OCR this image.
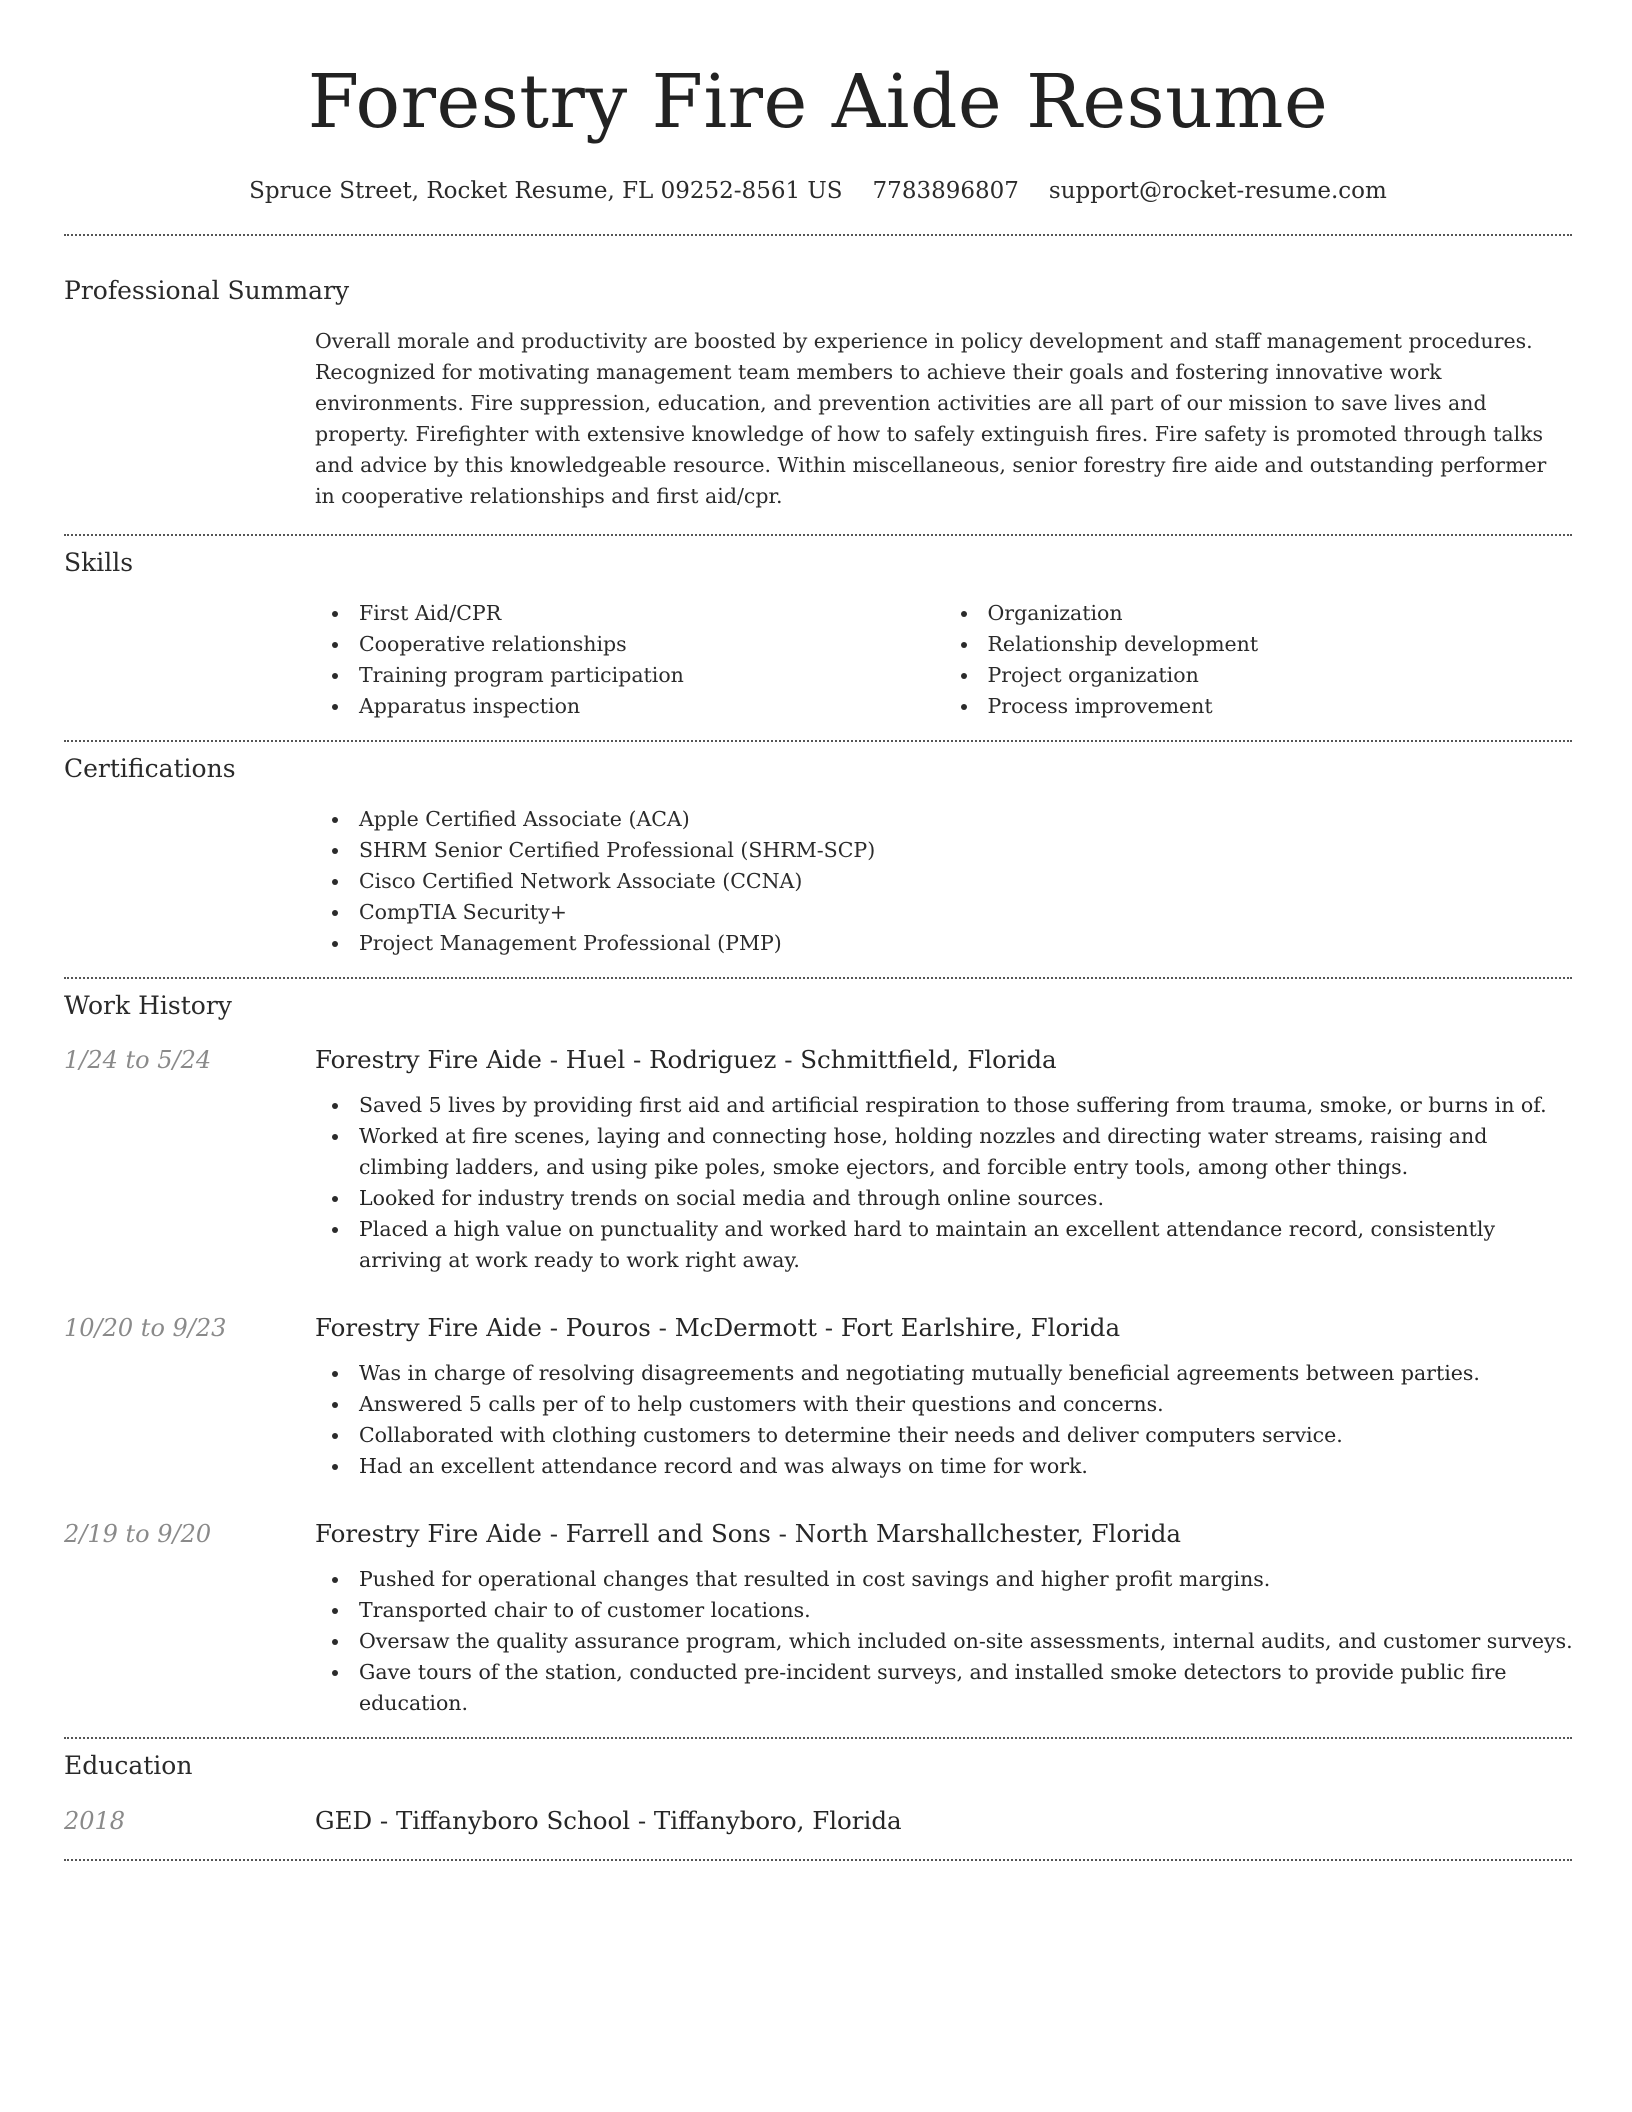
Forestry Fire Aide Resume
Spruce Street, Rocket Resume, FL 09252-8561 US 7783896807 support@rocket-resume.com
Professional Summary

Overall morale and productivity are boosted by experience in policy development and staff management procedures. Recognized for motivating management team members to achieve their goals and fostering innovative work environments. Fire suppression, education, and prevention activities are all part of our mission to save lives and property. Firefighter with extensive knowledge of how to safely extinguish fires. Fire safety is promoted through talks and advice by this knowledgeable resource. Within miscellaneous, senior forestry fire aide and outstanding performer in cooperative relationships and first aid/cpr.

Skills
First Aid/CPR
Cooperative relationships
Training program participation
Apparatus inspection
Organization
Relationship development
Project organization
Process improvement
Certifications
Apple Certified Associate (ACA)
SHRM Senior Certified Professional (SHRM-SCP)
Cisco Certified Network Associate (CCNA)
CompTIA Security+
Project Management Professional (PMP)
Work History
1/24 to 5/24	Forestry Fire Aide - Huel - Rodriguez - Schmittfield, Florida
Saved 5 lives by providing first aid and artificial respiration to those suffering from trauma, smoke, or burns in of.
Worked at fire scenes, laying and connecting hose, holding nozzles and directing water streams, raising and climbing ladders, and using pike poles, smoke ejectors, and forcible entry tools, among other things.
Looked for industry trends on social media and through online sources.
Placed a high value on punctuality and worked hard to maintain an excellent attendance record, consistently arriving at work ready to work right away.
10/20 to 9/23	Forestry Fire Aide - Pouros - McDermott - Fort Earlshire, Florida
Was in charge of resolving disagreements and negotiating mutually beneficial agreements between parties.
Answered 5 calls per of to help customers with their questions and concerns.
Collaborated with clothing customers to determine their needs and deliver computers service.
Had an excellent attendance record and was always on time for work.
2/19 to 9/20	Forestry Fire Aide - Farrell and Sons - North Marshallchester, Florida
Pushed for operational changes that resulted in cost savings and higher profit margins.
Transported chair to of customer locations.
Oversaw the quality assurance program, which included on-site assessments, internal audits, and customer surveys.
Gave tours of the station, conducted pre-incident surveys, and installed smoke detectors to provide public fire education.
Education
2018	GED - Tiffanyboro School - Tiffanyboro, Florida
